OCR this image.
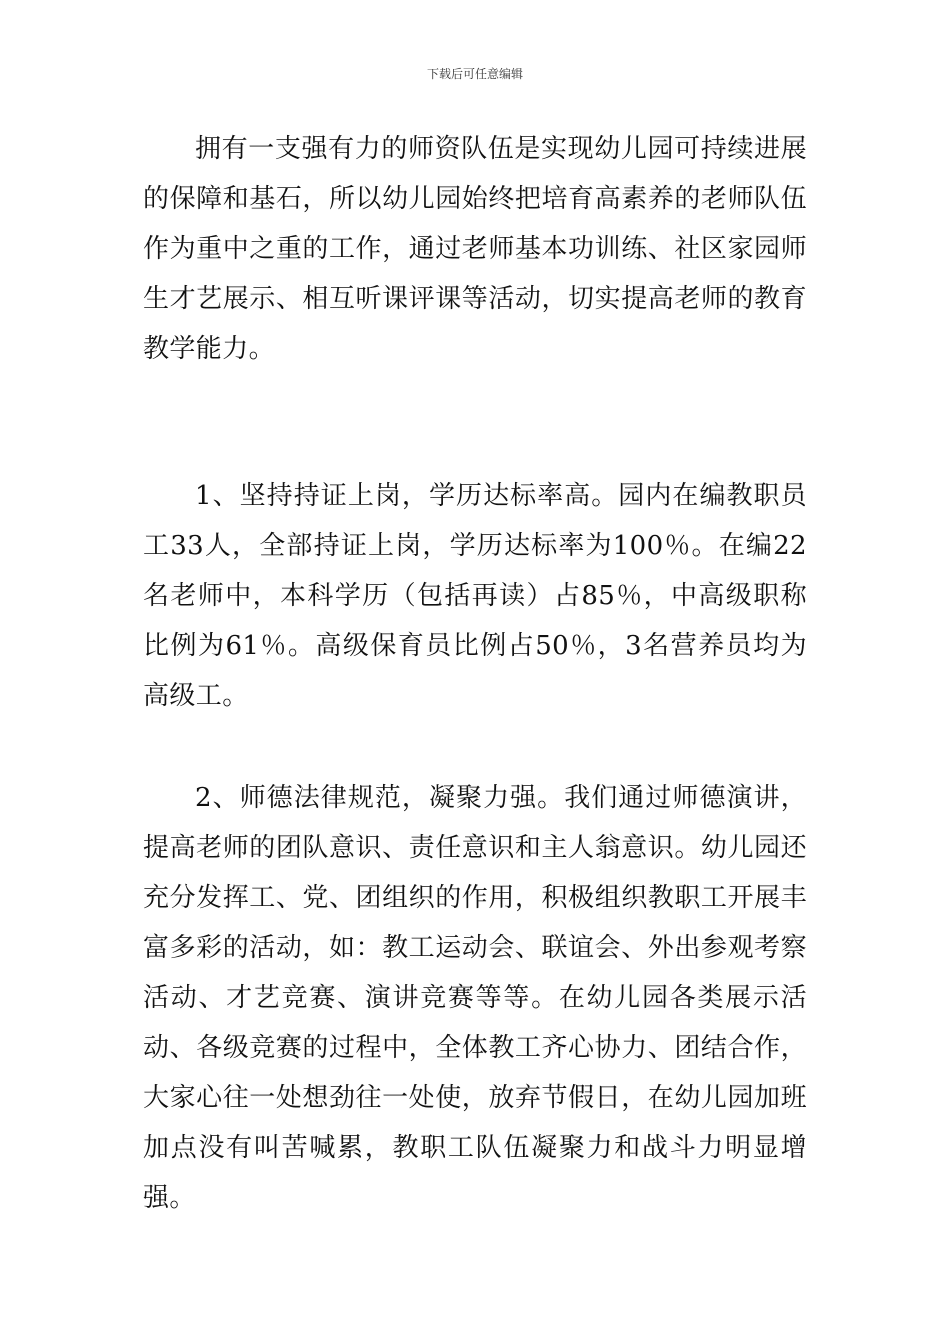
下载后可任意编辑

拥有一支强有力的师资队伍是实现幼儿园可持续进展的保障和基石，所以幼儿园始终把培育高素养的老师队伍作为重中之重的工作，通过老师基本功训练、社区家园师生才艺展示、相互听课评课等活动，切实提高老师的教育教学能力。

1、坚持持证上岗，学历达标率高。园内在编教职员工33人，全部持证上岗，学历达标率为100％。在编22名老师中，本科学历（包括再读）占85％，中高级职称比例为61％。高级保育员比例占50％，3名营养员均为高级工。

2、师德法律规范，凝聚力强。我们通过师德演讲，提高老师的团队意识、责任意识和主人翁意识。幼儿园还充分发挥工、党、团组织的作用，积极组织教职工开展丰富多彩的活动，如：教工运动会、联谊会、外出参观考察活动、才艺竞赛、演讲竞赛等等。在幼儿园各类展示活动、各级竞赛的过程中，全体教工齐心协力、团结合作，大家心往一处想劲往一处使，放弃节假日，在幼儿园加班加点没有叫苦喊累，教职工队伍凝聚力和战斗力明显增强。
